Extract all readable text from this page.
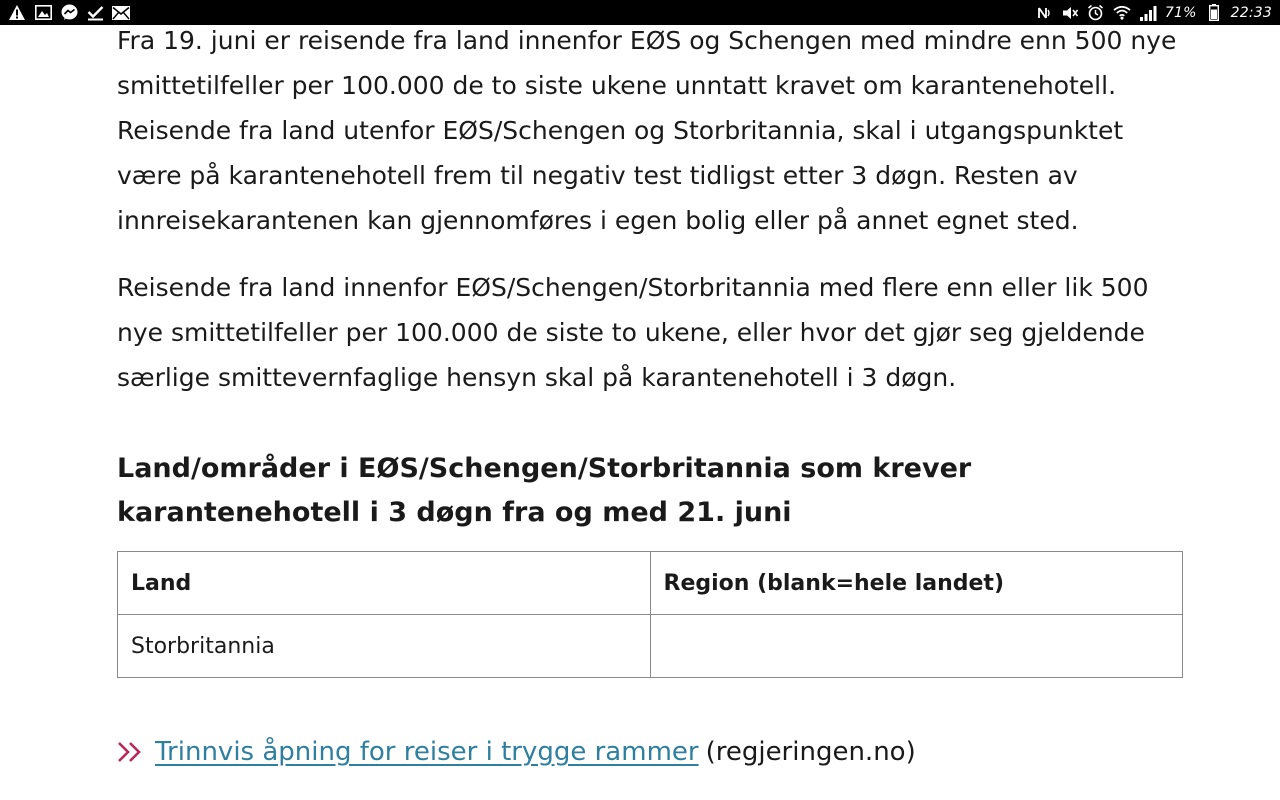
71% 22:33

Fra 19. juni er reisende fra land innenfor EØS og Schengen med mindre enn 500 nye smittetilfeller per 100.000 de to siste ukene unntatt kravet om karantenehotell. Reisende fra land utenfor EØS/Schengen og Storbritannia, skal i utgangspunktet være på karantenehotell frem til negativ test tidligst etter 3 døgn. Resten av innreisekarantenen kan gjennomføres i egen bolig eller på annet egnet sted.

Reisende fra land innenfor EØS/Schengen/Storbritannia med flere enn eller lik 500 nye smittetilfeller per 100.000 de siste to ukene, eller hvor det gjør seg gjeldende særlige smittevernfaglige hensyn skal på karantenehotell i 3 døgn.

Land/områder i EØS/Schengen/Storbritannia som krever karantenehotell i 3 døgn fra og med 21. juni
Land	Region (blank=hele landet)
Storbritannia	
Trinnvis åpning for reiser i trygge rammer (regjeringen.no)
